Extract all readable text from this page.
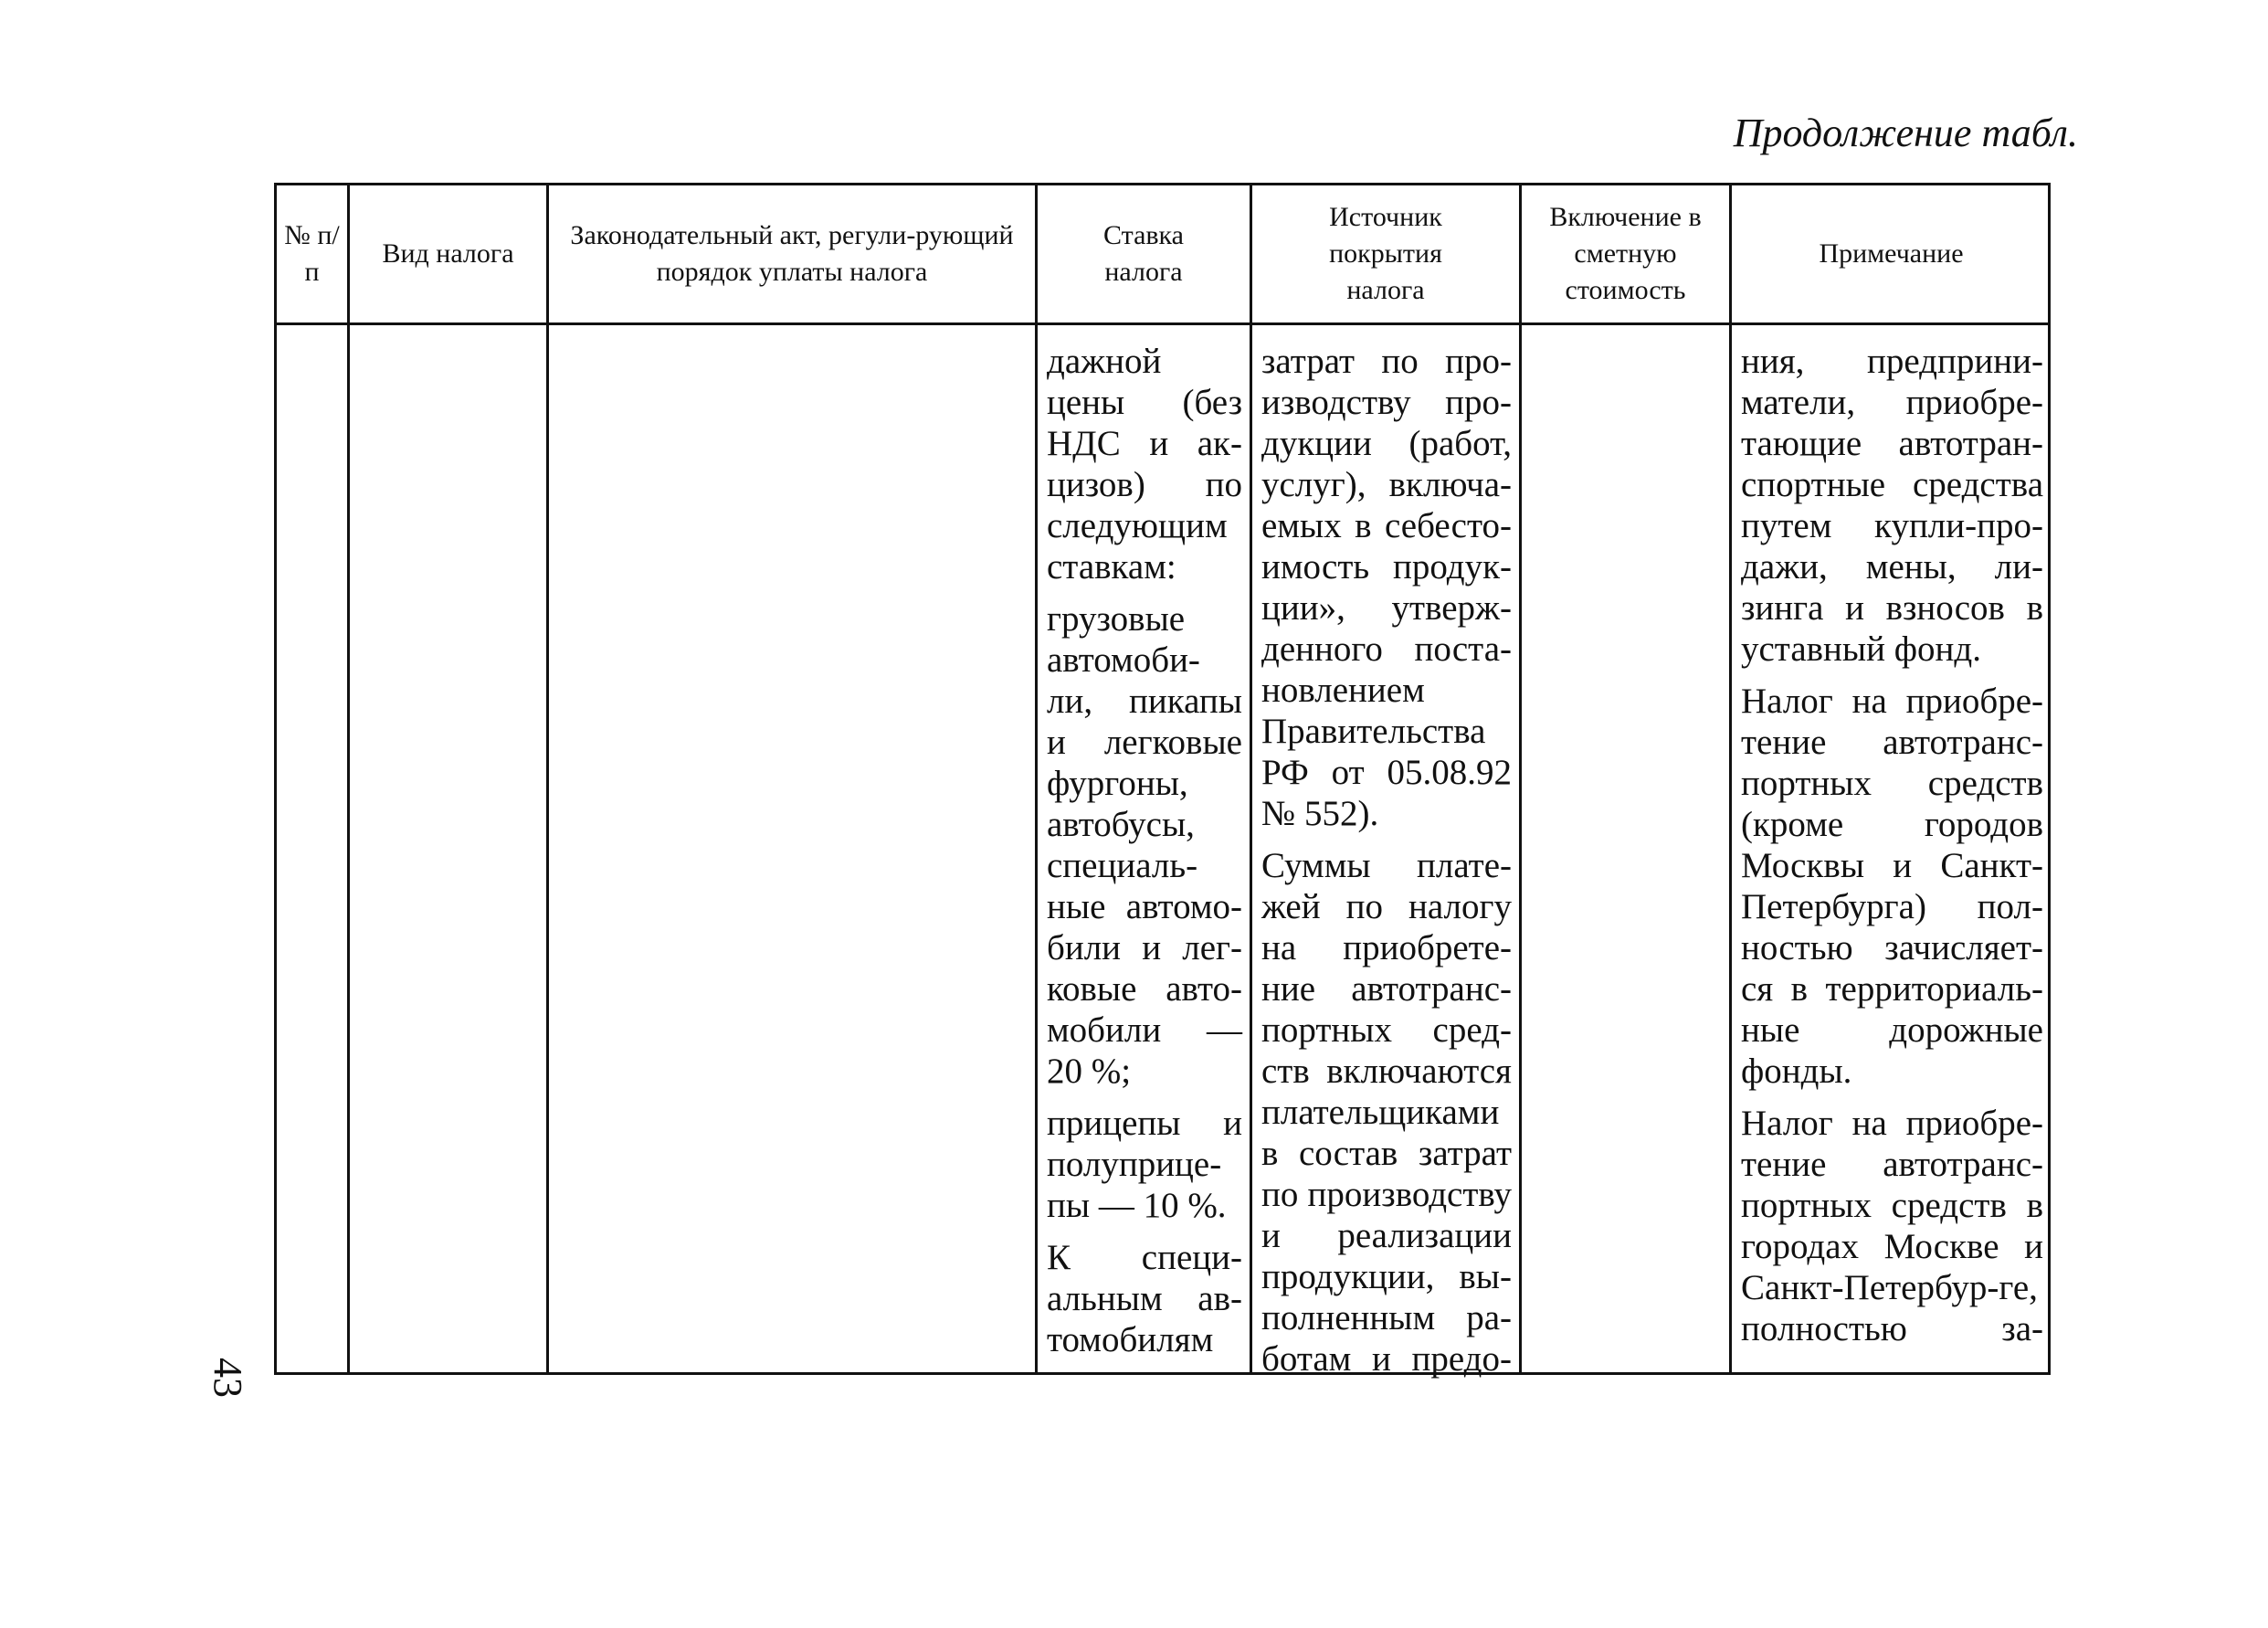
Продолжение табл.
43
№ п/п
Вид налога
Законодательный акт, регули-рующий порядок уплаты налога
Ставка налога
Источник покрытия налога
Включение в сметную стоимость
Примечание

дажной цены (без НДС и ак-цизов) по следующим ставкам:

грузовые автомоби-ли, пикапы и легковые фургоны, автобусы, специаль-ные автомо-били и лег-ковые авто-мобили — 20 %;

прицепы и полуприце-пы — 10 %.

К специ-альным ав-томобилям

затрат по про-изводству про-дукции (работ, услуг), включа-емых в себесто-имость продук-ции», утверж-денного поста-новлением Правительства РФ от 05.08.92 № 552).

Суммы плате-жей по налогу на приобрете-ние автотранс-портных сред-ств включаются плательщиками в состав затрат по производству и реализации продукции, вы-полненным ра-ботам и предо-

ния, предприни-матели, приобре-тающие автотран-спортные средства путем купли-про-дажи, мены, ли-зинга и взносов в уставный фонд.

Налог на приобре-тение автотранс-портных средств (кроме городов Москвы и Санкт-Петербурга) пол-ностью зачисляет-ся в территориаль-ные дорожные фонды.

Налог на приобре-тение автотранс-портных средств в городах Москве и Санкт-Петербур-ге, полностью за-
